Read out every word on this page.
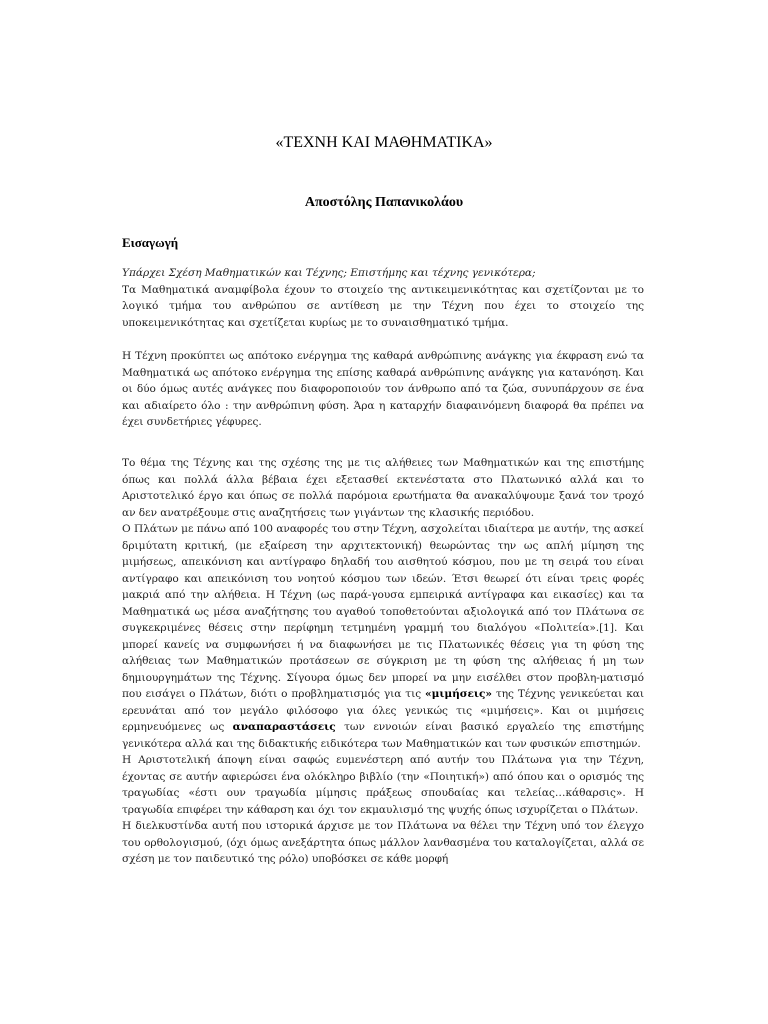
«ΤΕΧΝΗ ΚΑΙ ΜΑΘΗΜΑΤΙΚΑ»
Αποστόλης Παπανικολάου
Εισαγωγή

Υπάρχει Σχέση Μαθηματικών και Τέχνης; Επιστήμης και τέχνης γενικότερα;

Τα Μαθηματικά αναμφίβολα έχουν το στοιχείο της αντικειμενικότητας και σχετίζονται με το λογικό τμήμα του ανθρώπου σε αντίθεση με την Τέχνη που έχει το στοιχείο της υποκειμενικότητας και σχετίζεται κυρίως με το συναισθηματικό τμήμα.

Η Τέχνη προκύπτει ως απότοκο ενέργημα της καθαρά ανθρώπινης ανάγκης για έκφραση ενώ τα Μαθηματικά ως απότοκο ενέργημα της επίσης καθαρά ανθρώπινης ανάγκης για κατανόηση. Και οι δύο όμως αυτές ανάγκες που διαφοροποιούν τον άνθρωπο από τα ζώα, συνυπάρχουν σε ένα και αδιαίρετο όλο : την ανθρώπινη φύση. Άρα η καταρχήν διαφαινόμενη διαφορά θα πρέπει να έχει συνδετήριες γέφυρες.

Το θέμα της Τέχνης και της σχέσης της με τις αλήθειες των Μαθηματικών και της επιστήμης όπως και πολλά άλλα βέβαια έχει εξετασθεί εκτενέστατα στο Πλατωνικό αλλά και το Αριστοτελικό έργο και όπως σε πολλά παρόμοια ερωτήματα θα ανακαλύψουμε ξανά τον τροχό αν δεν ανατρέξουμε στις αναζητήσεις των γιγάντων της κλασικής περιόδου.

Ο Πλάτων με πάνω από 100 αναφορές του στην Τέχνη, ασχολείται ιδιαίτερα με αυτήν, της ασκεί δριμύτατη κριτική, (με εξαίρεση την αρχιτεκτονική) θεωρώντας την ως απλή μίμηση της μιμήσεως, απεικόνιση και αντίγραφο δηλαδή του αισθητού κόσμου, που με τη σειρά του είναι αντίγραφο και απεικόνιση του νοητού κόσμου των ιδεών. Έτσι θεωρεί ότι είναι τρεις φορές μακριά από την αλήθεια. Η Τέχνη (ως παρά-γουσα εμπειρικά αντίγραφα και εικασίες) και τα Μαθηματικά ως μέσα αναζήτησης του αγαθού τοποθετούνται αξιολογικά από τον Πλάτωνα σε συγκεκριμένες θέσεις στην περίφημη τετμημένη γραμμή του διαλόγου «Πολιτεία».[1]. Και μπορεί κανείς να συμφωνήσει ή να διαφωνήσει με τις Πλατωνικές θέσεις για τη φύση της αλήθειας των Μαθηματικών προτάσεων σε σύγκριση με τη φύση της αλήθειας ή μη των δημιουργημάτων της Τέχνης. Σίγουρα όμως δεν μπορεί να μην εισέλθει στον προβλη-ματισμό που εισάγει ο Πλάτων, διότι ο προβληματισμός για τις «μιμήσεις» της Τέχνης γενικεύεται και ερευνάται από τον μεγάλο φιλόσοφο για όλες γενικώς τις «μιμήσεις». Και οι μιμήσεις ερμηνευόμενες ως αναπαραστάσεις των εννοιών είναι βασικό εργαλείο της επιστήμης γενικότερα αλλά και της διδακτικής ειδικότερα των Μαθηματικών και των φυσικών επιστημών.

Η Αριστοτελική άποψη είναι σαφώς ευμενέστερη από αυτήν του Πλάτωνα για την Τέχνη, έχοντας σε αυτήν αφιερώσει ένα ολόκληρο βιβλίο (την «Ποιητική») από όπου και ο ορισμός της τραγωδίας «έστι ουν τραγωδία μίμησις πράξεως σπουδαίας και τελείας…κάθαρσις». Η τραγωδία επιφέρει την κάθαρση και όχι τον εκμαυλισμό της ψυχής όπως ισχυρίζεται ο Πλάτων.

Η διελκυστίνδα αυτή που ιστορικά άρχισε με τον Πλάτωνα να θέλει την Τέχνη υπό τον έλεγχο του ορθολογισμού, (όχι όμως ανεξάρτητα όπως μάλλον λανθασμένα του καταλογίζεται, αλλά σε σχέση με τον παιδευτικό της ρόλο) υποβόσκει σε κάθε μορφή
